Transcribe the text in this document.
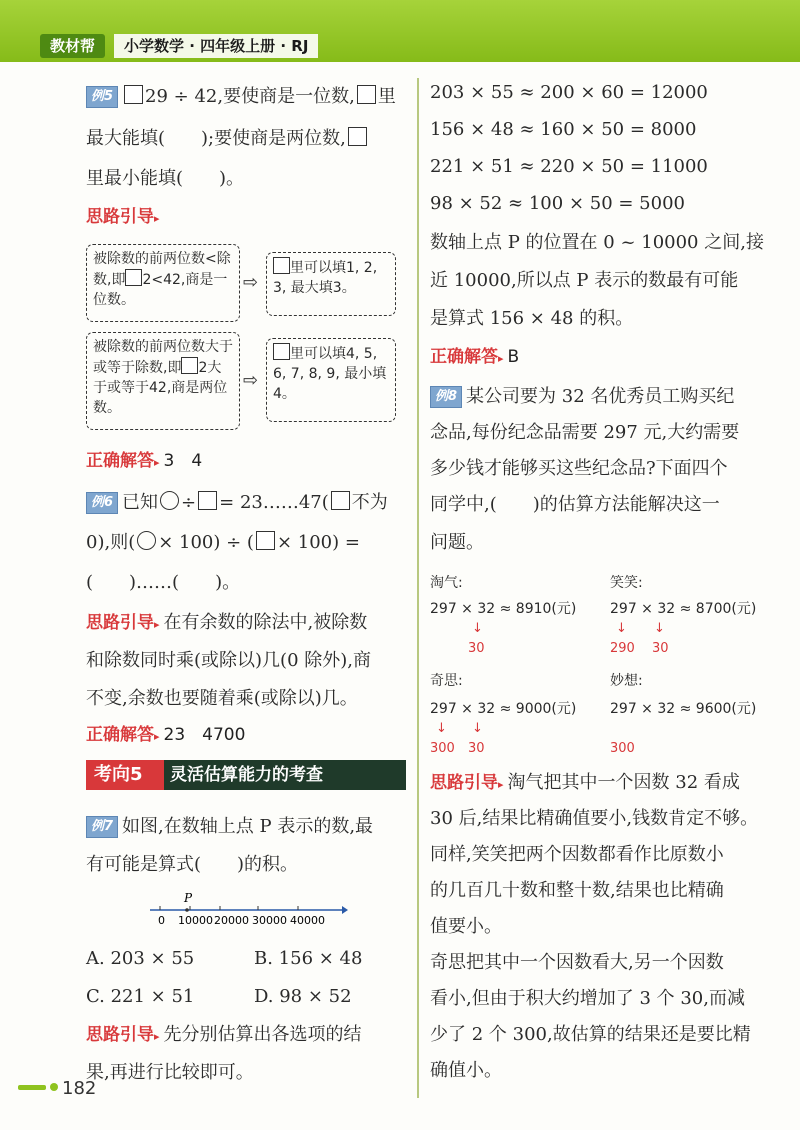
教材帮	小学数学 · 四年级上册 · RJ
例5 29 ÷ 42,要使商是一位数, 里
最大能填(　　);要使商是两位数,
里最小能填(　　)。
思路引导▸
被除数的前两位数<除数,即 2<42,商是一位数。
⇨
里可以填1, 2, 3, 最大填3。
被除数的前两位数大于或等于除数,即 2大于或等于42,商是两位数。
⇨
里可以填4, 5, 6, 7, 8, 9, 最小填4。
正确解答▸ 3　4
例6 已知 ÷ = 23……47( 不为
0),则( × 100) ÷ ( × 100) =
(　　)……(　　)。
思路引导▸ 在有余数的除法中,被除数
和除数同时乘(或除以)几(0 除外),商
不变,余数也要随着乘(或除以)几。
正确解答▸ 23　4700
考向5	灵活估算能力的考查
例7 如图,在数轴上点 P 表示的数,最
有可能是算式(　　)的积。
P
0 10000 20000 30000 40000
A. 203 × 55	B. 156 × 48
C. 221 × 51	D. 98 × 52
思路引导▸ 先分别估算出各选项的结
果,再进行比较即可。
203 × 55 ≈ 200 × 60 = 12000
156 × 48 ≈ 160 × 50 = 8000
221 × 51 ≈ 220 × 50 = 11000
98 × 52 ≈ 100 × 50 = 5000
数轴上点 P 的位置在 0 ~ 10000 之间,接
近 10000,所以点 P 表示的数最有可能
是算式 156 × 48 的积。
正确解答▸ B
例8 某公司要为 32 名优秀员工购买纪
念品,每份纪念品需要 297 元,大约需要
多少钱才能够买这些纪念品?下面四个
同学中,(　　)的估算方法能解决这一
问题。
淘气:
297 × 32 ≈ 8910(元)
↓
30
笑笑:
297 × 32 ≈ 8700(元)
↓ ↓
290 30
奇思:
297 × 32 ≈ 9000(元)
↓ ↓
300 30
妙想:
297 × 32 ≈ 9600(元)
300
思路引导▸ 淘气把其中一个因数 32 看成
30 后,结果比精确值要小,钱数肯定不够。
同样,笑笑把两个因数都看作比原数小
的几百几十数和整十数,结果也比精确
值要小。
奇思把其中一个因数看大,另一个因数
看小,但由于积大约增加了 3 个 30,而减
少了 2 个 300,故估算的结果还是要比精
确值小。
182
